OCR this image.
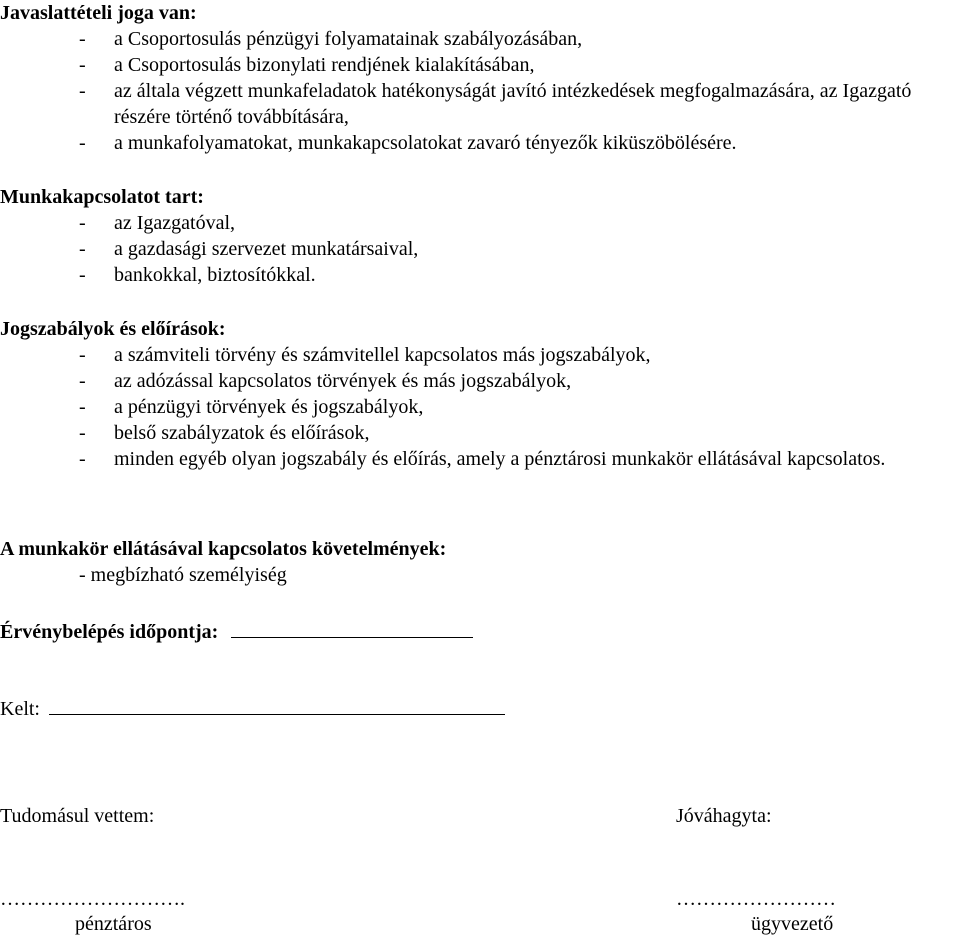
Javaslattételi joga van:
- a Csoportosulás pénzügyi folyamatainak szabályozásában,
- a Csoportosulás bizonylati rendjének kialakításában,
- az általa végzett munkafeladatok hatékonyságát javító intézkedések megfogalmazására, az Igazgató részére történő továbbítására,
- a munkafolyamatokat, munkakapcsolatokat zavaró tényezők kiküszöbölésére.
Munkakapcsolatot tart:
- az Igazgatóval,
- a gazdasági szervezet munkatársaival,
- bankokkal, biztosítókkal.
Jogszabályok és előírások:
- a számviteli törvény és számvitellel kapcsolatos más jogszabályok,
- az adózással kapcsolatos törvények és más jogszabályok,
- a pénzügyi törvények és jogszabályok,
- belső szabályzatok és előírások,
- minden egyéb olyan jogszabály és előírás, amely a pénztárosi munkakör ellátásával kapcsolatos.
A munkakör ellátásával kapcsolatos követelmények:
- megbízható személyiség
Érvénybelépés időpontja:
Kelt:
Tudomásul vettem:	Jóváhagyta:
……………………….	……………………
pénztáros	ügyvezető
